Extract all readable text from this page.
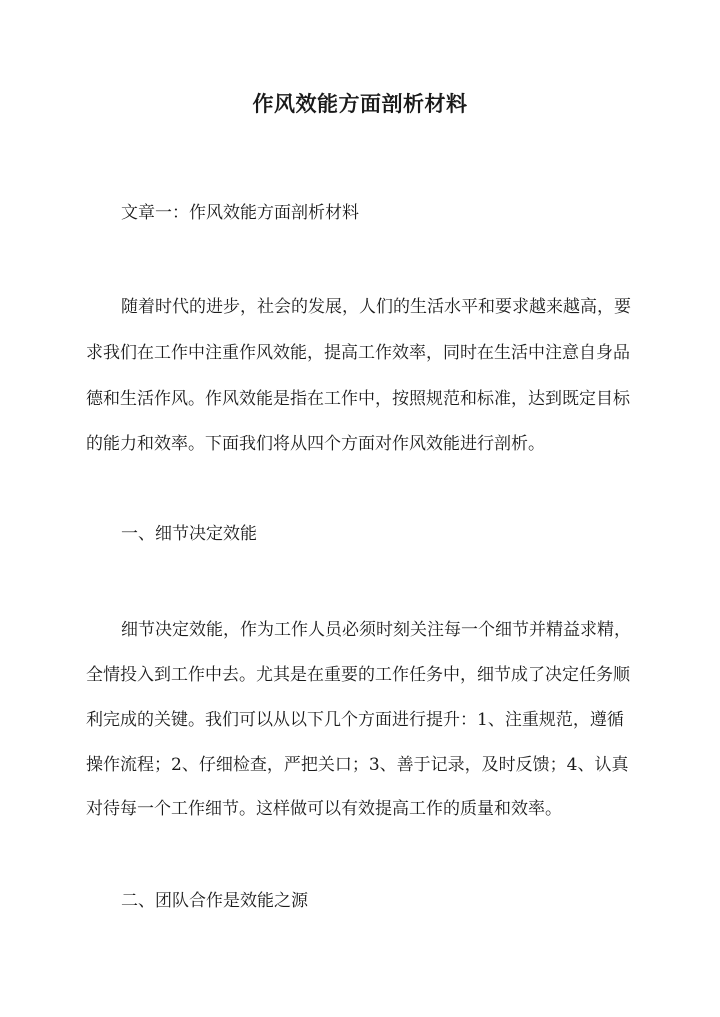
作风效能方面剖析材料
文章一：作风效能方面剖析材料
随着时代的进步，社会的发展，人们的生活水平和要求越来越高，要
求我们在工作中注重作风效能，提高工作效率，同时在生活中注意自身品
德和生活作风。作风效能是指在工作中，按照规范和标准，达到既定目标
的能力和效率。下面我们将从四个方面对作风效能进行剖析。
一、细节决定效能
细节决定效能，作为工作人员必须时刻关注每一个细节并精益求精，
全情投入到工作中去。尤其是在重要的工作任务中，细节成了决定任务顺
利完成的关键。我们可以从以下几个方面进行提升：1、注重规范，遵循
操作流程；2、仔细检查，严把关口；3、善于记录，及时反馈；4、认真
对待每一个工作细节。这样做可以有效提高工作的质量和效率。
二、团队合作是效能之源
